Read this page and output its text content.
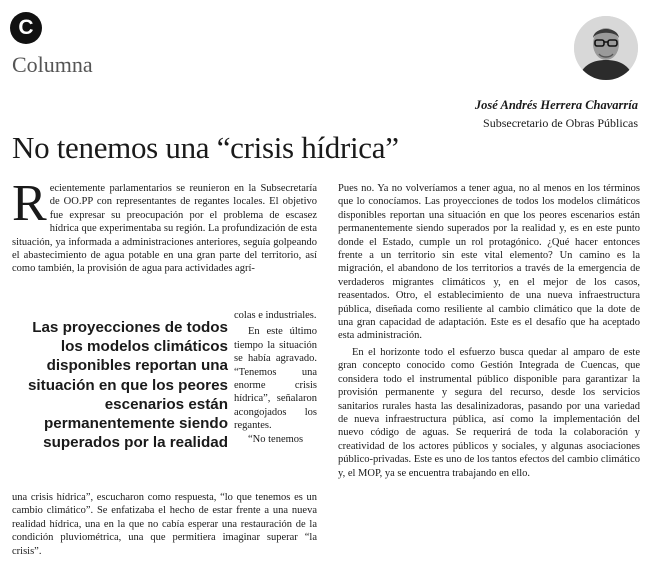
C
Columna
José Andrés Herrera Chavarría
Subsecretario de Obras Públicas
No tenemos una “crisis hídrica”

Recientemente parlamentarios se reunieron en la Subsecretaría de OO.PP con representantes de regantes locales. El objetivo fue expresar su preocupación por el problema de escasez hídrica que experimentaba su región. La profundización de esta situación, ya informada a administraciones anteriores, seguía golpeando el abastecimiento de agua potable en una gran parte del territorio, así como también, la provisión de agua para actividades agrí-

Las proyecciones de todos los modelos climáticos disponibles reportan una situación en que los peores escenarios están permanentemente siendo superados por la realidad

colas e industriales.

En este último tiempo la situación se había agravado. “Tenemos una enorme crisis hídrica”, señalaron acongojados los regantes.

“No tenemos

una crisis hídrica”, escucharon como respuesta, “lo que tenemos es un cambio climático”. Se enfatizaba el hecho de estar frente a una nueva realidad hídrica, una en la que no cabía esperar una restauración de la condición pluviométrica, una que permitiera imaginar superar “la crisis”.

Pues no. Ya no volveríamos a tener agua, no al menos en los términos que lo conocíamos. Las proyecciones de todos los modelos climáticos disponibles reportan una situación en que los peores escenarios están permanentemente siendo superados por la realidad y, es en este punto donde el Estado, cumple un rol protagónico. ¿Qué hacer entonces frente a un territorio sin este vital elemento? Un camino es la migración, el abandono de los territorios a través de la emergencia de verdaderos migrantes climáticos y, en el mejor de los casos, reasentados. Otro, el establecimiento de una nueva infraestructura pública, diseñada como resiliente al cambio climático que la dote de una gran capacidad de adaptación. Este es el desafío que ha aceptado esta administración.

En el horizonte todo el esfuerzo busca quedar al amparo de este gran concepto conocido como Gestión Integrada de Cuencas, que considera todo el instrumental público disponible para garantizar la provisión permanente y segura del recurso, desde los servicios sanitarios rurales hasta las desalinizadoras, pasando por una variedad de nueva infraestructura pública, así como la implementación del nuevo código de aguas. Se requerirá de toda la colaboración y creatividad de los actores públicos y sociales, y algunas asociaciones público-privadas. Este es uno de los tantos efectos del cambio climático y, el MOP, ya se encuentra trabajando en ello.
